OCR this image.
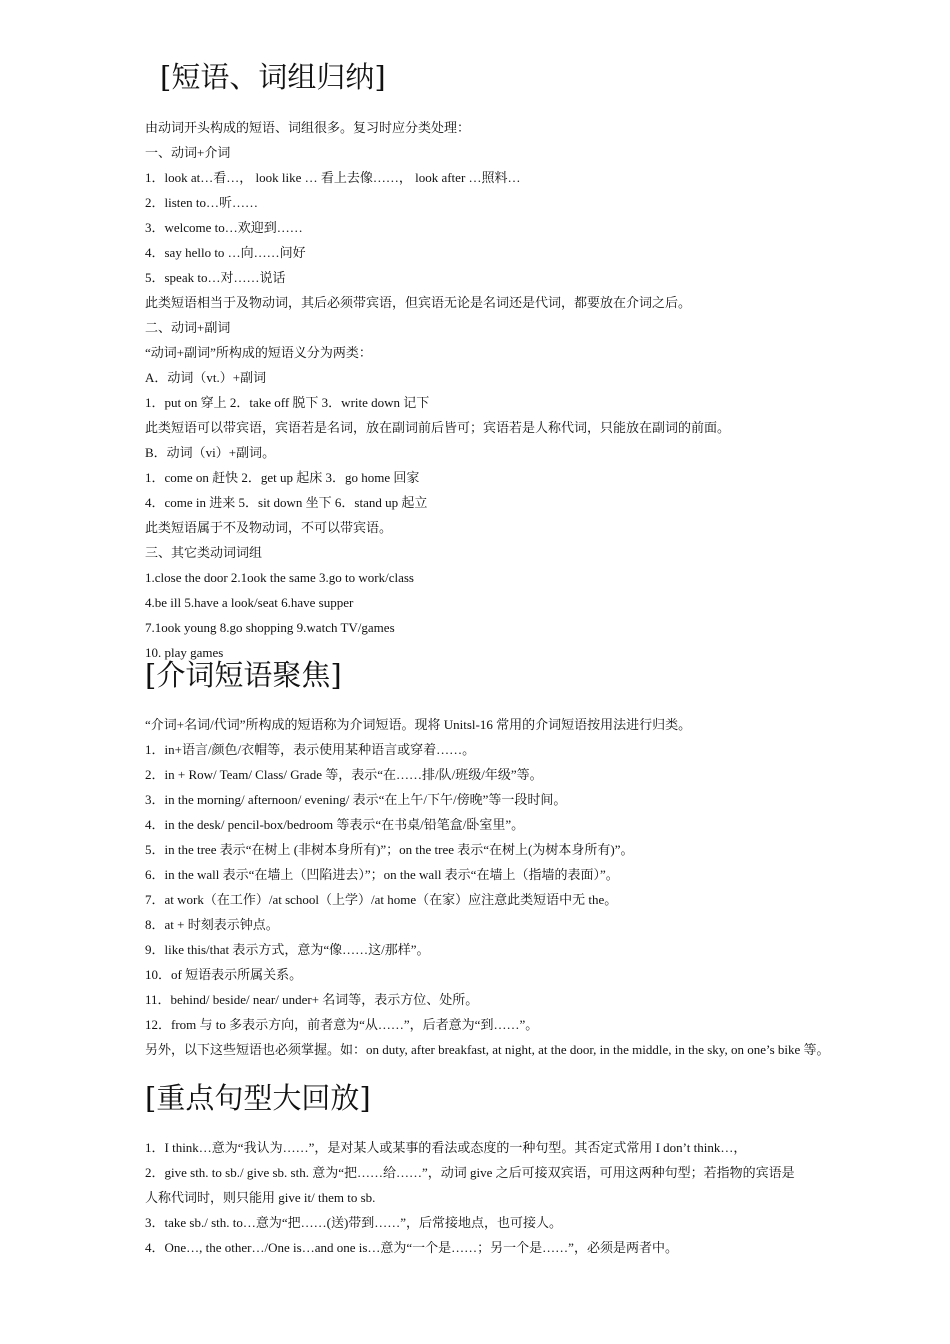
[短语、词组归纳]

由动词开头构成的短语、词组很多。复习时应分类处理：

一、动词+介词

1．look at…看…， look like … 看上去像……， look after …照料…

2．listen to…听……

3．welcome to…欢迎到……

4．say hello to …向……问好

5．speak to…对……说话

此类短语相当于及物动词，其后必须带宾语，但宾语无论是名词还是代词，都要放在介词之后。

二、动词+副词

“动词+副词”所构成的短语义分为两类：

A．动词（vt.）+副词

1．put on 穿上 2．take off 脱下 3．write down 记下

此类短语可以带宾语，宾语若是名词，放在副词前后皆可；宾语若是人称代词，只能放在副词的前面。

B．动词（vi）+副词。

1．come on 赶快 2．get up 起床 3．go home 回家

4．come in 进来 5．sit down 坐下 6．stand up 起立

此类短语属于不及物动词，不可以带宾语。

三、其它类动词词组

1.close the door 2.1ook the same 3.go to work/class

4.be ill 5.have a look/seat 6.have supper

7.1ook young 8.go shopping 9.watch TV/games

10. play games

[介词短语聚焦]

“介词+名词/代词”所构成的短语称为介词短语。现将 Unitsl-16 常用的介词短语按用法进行归类。

1．in+语言/颜色/衣帽等，表示使用某种语言或穿着……。

2．in + Row/ Team/ Class/ Grade 等，表示“在……排/队/班级/年级”等。

3．in the morning/ afternoon/ evening/ 表示“在上午/下午/傍晚”等一段时间。

4．in the desk/ pencil-box/bedroom 等表示“在书桌/铅笔盒/卧室里”。

5．in the tree 表示“在树上 (非树本身所有)”；on the tree 表示“在树上(为树本身所有)”。

6．in the wall 表示“在墙上（凹陷进去）”；on the wall 表示“在墙上（指墙的表面）”。

7．at work（在工作）/at school（上学）/at home（在家）应注意此类短语中无 the。

8．at + 时刻表示钟点。

9．like this/that 表示方式，意为“像……这/那样”。

10．of 短语表示所属关系。

11．behind/ beside/ near/ under+ 名词等，表示方位、处所。

12．from 与 to 多表示方向，前者意为“从……”，后者意为“到……”。

另外，以下这些短语也必须掌握。如：on duty, after breakfast, at night, at the door, in the middle, in the sky, on one’s bike 等。

[重点句型大回放]

1．I think…意为“我认为……”，是对某人或某事的看法或态度的一种句型。其否定式常用 I don’t think…，

2．give sth. to sb./ give sb. sth. 意为“把……给……”，动词 give 之后可接双宾语，可用这两种句型；若指物的宾语是

人称代词时，则只能用 give it/ them to sb.

3．take sb./ sth. to…意为“把……(送)带到……”，后常接地点，也可接人。

4．One…, the other…/One is…and one is…意为“一个是……；另一个是……”，必须是两者中。
